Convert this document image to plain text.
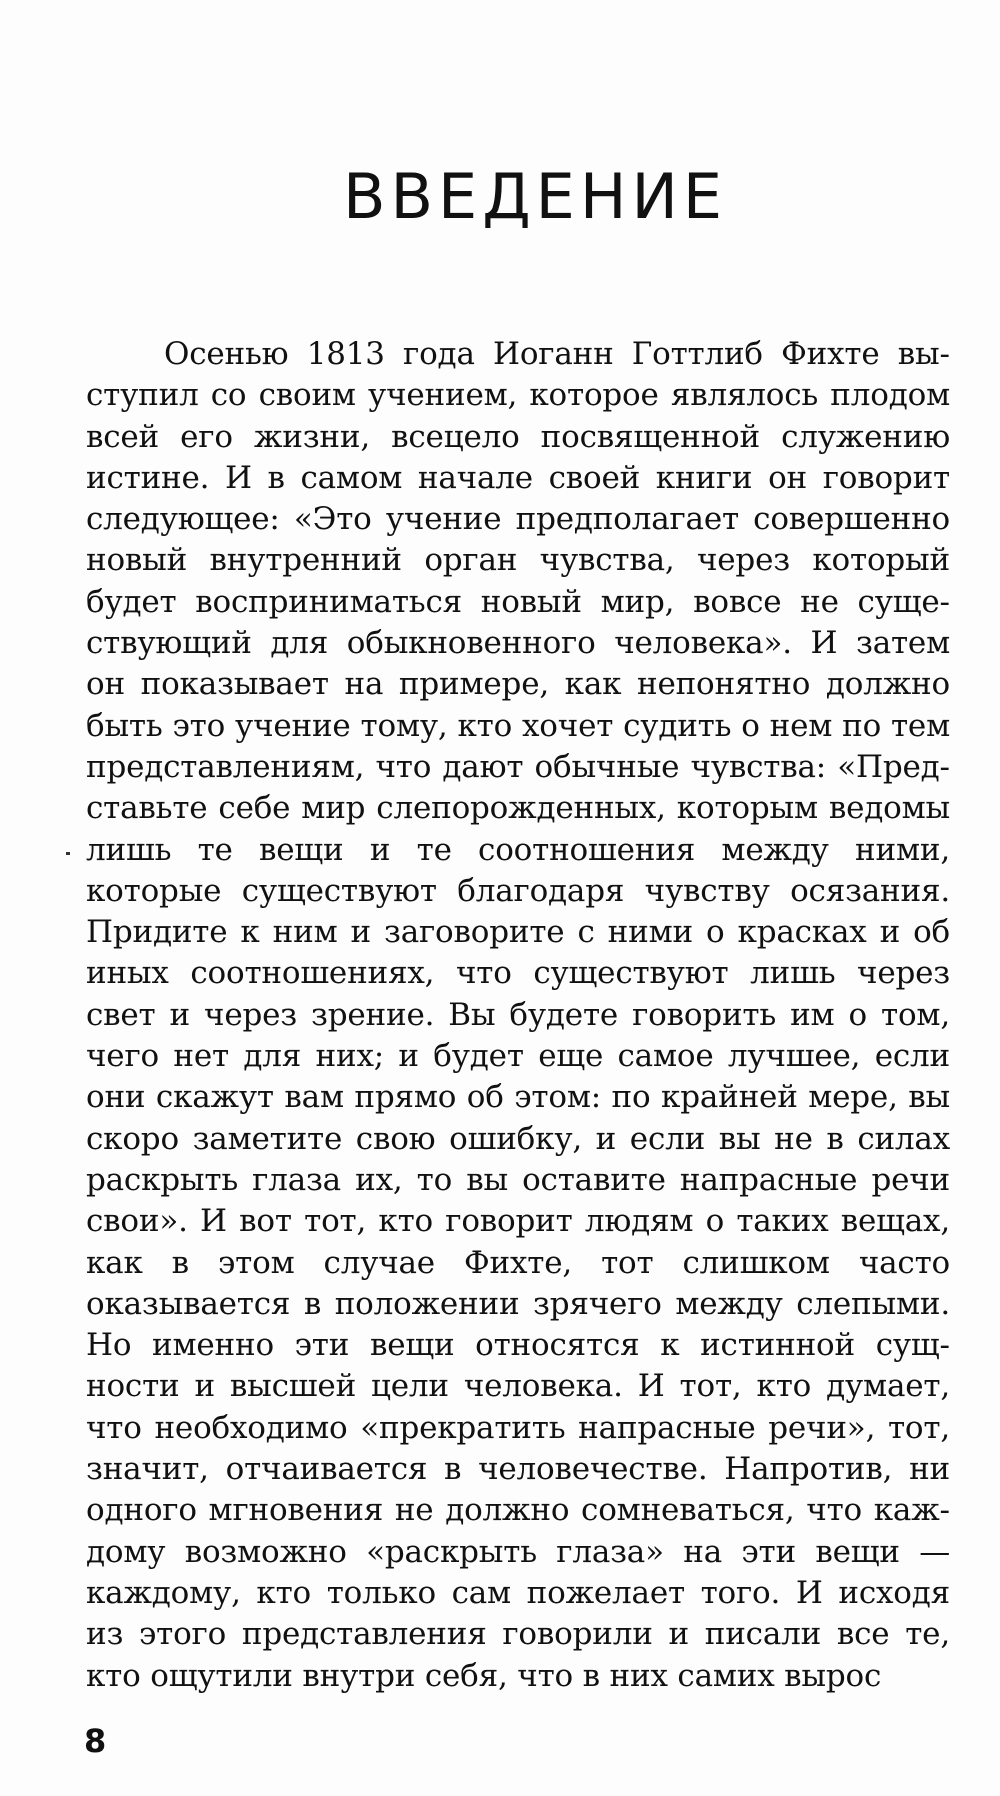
ВВЕДЕНИЕ

Осенью 1813 года Иоганн Готтлиб Фихте выступил со своим учением, которое являлось плодом всей его жизни, всецело посвященной служению истине. И в самом начале своей книги он говорит следующее: «Это учение предполагает совершенно новый внутренний орган чувства, через который будет восприниматься новый мир, вовсе не существующий для обыкновенного человека». И затем он показывает на примере, как непонятно должно быть это учение тому, кто хочет судить о нем по тем представлениям, что дают обычные чувства: «Представьте себе мир слепорожденных, которым ведомы лишь те вещи и те соотношения между ними, которые существуют благодаря чувству осязания. Придите к ним и заговорите с ними о красках и об иных соотношениях, что существуют лишь через свет и через зрение. Вы будете говорить им о том, чего нет для них; и будет еще самое лучшее, если они скажут вам прямо об этом: по крайней мере, вы скоро заметите свою ошибку, и если вы не в силах раскрыть глаза их, то вы оставите напрасные речи свои». И вот тот, кто говорит людям о таких вещах, как в этом случае Фихте, тот слишком часто оказывается в положении зрячего между слепыми. Но именно эти вещи относятся к истинной сущности и высшей цели человека. И тот, кто думает, что необходимо «прекратить напрасные речи», тот, значит, отчаивается в человечестве. Напротив, ни одного мгновения не должно сомневаться, что каждому возможно «раскрыть глаза» на эти вещи — каждому, кто только сам пожелает того. И исходя из этого представления говорили и писали все те, кто ощутили внутри себя, что в них самих вырос

8
